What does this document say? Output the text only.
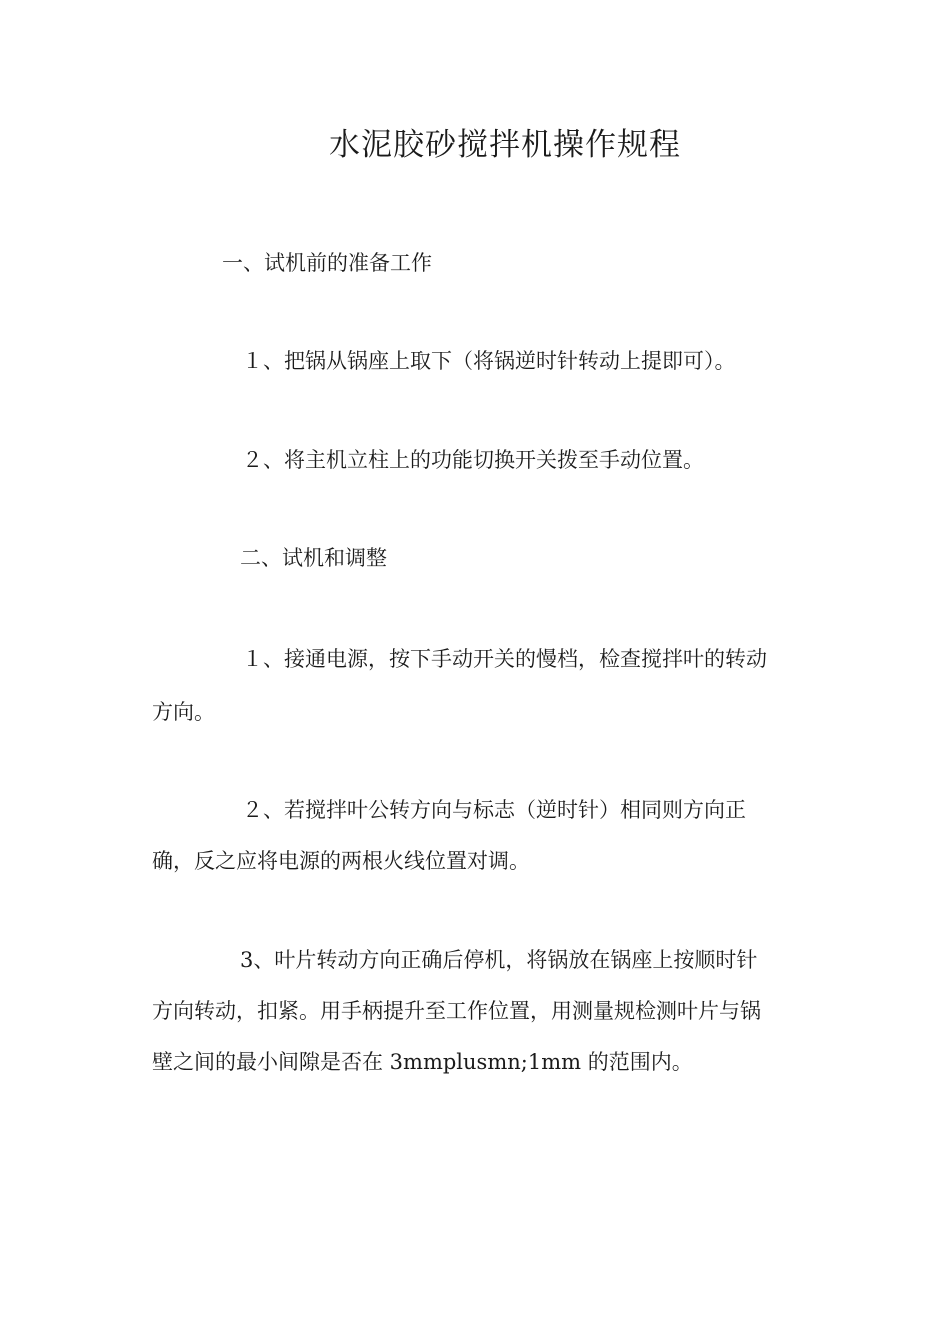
水泥胶砂搅拌机操作规程

一、试机前的准备工作

１、把锅从锅座上取下（将锅逆时针转动上提即可）。

２、将主机立柱上的功能切换开关拨至手动位置。

二、试机和调整

１、接通电源，按下手动开关的慢档，检查搅拌叶的转动

方向。

２、若搅拌叶公转方向与标志（逆时针）相同则方向正

确，反之应将电源的两根火线位置对调。

3、叶片转动方向正确后停机，将锅放在锅座上按顺时针

方向转动，扣紧。用手柄提升至工作位置，用测量规检测叶片与锅

壁之间的最小间隙是否在 3mmplusmn;1mm 的范围内。
